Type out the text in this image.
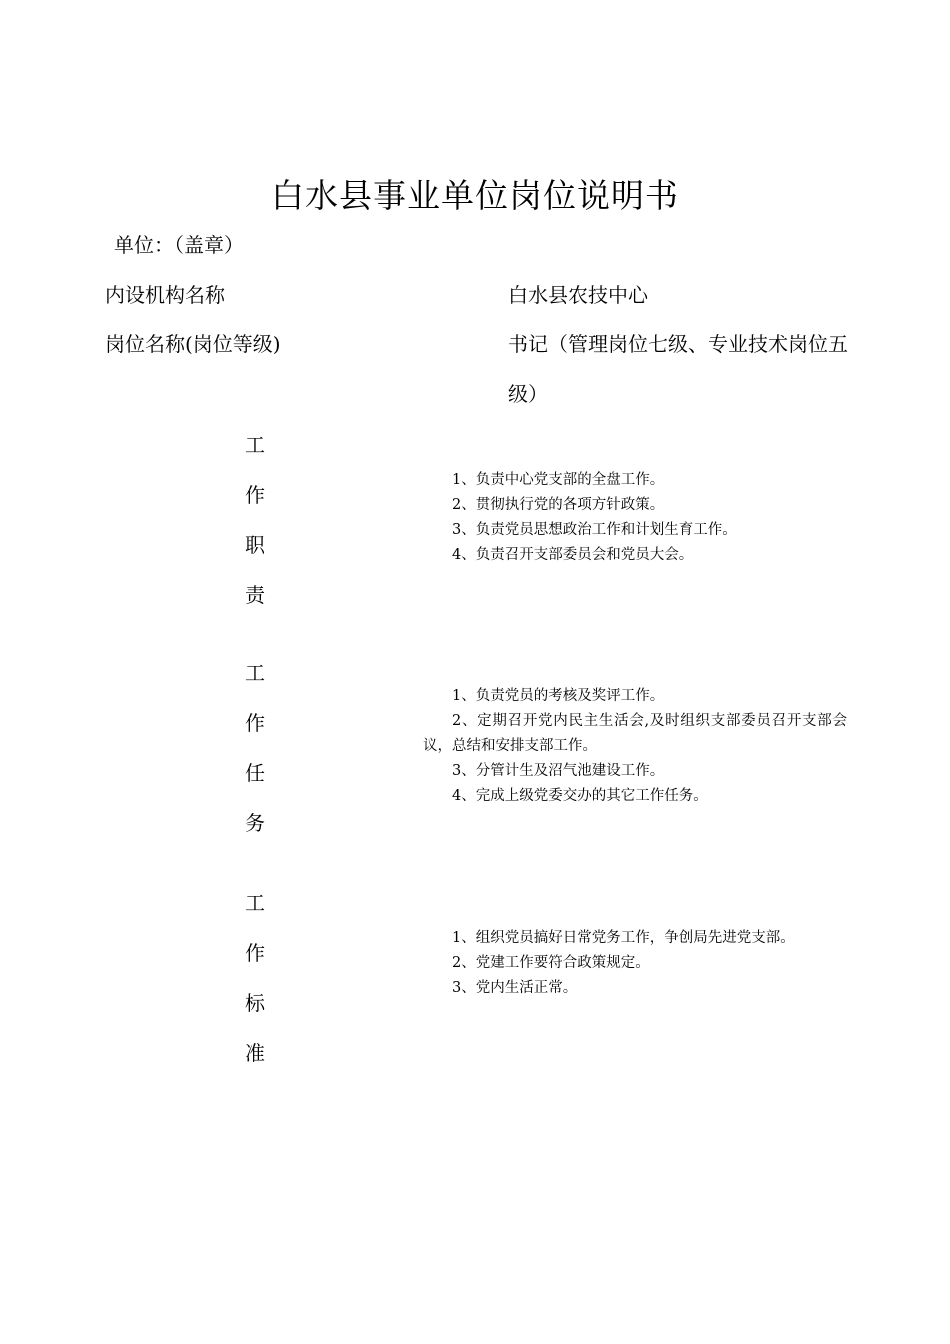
白水县事业单位岗位说明书
单位：（盖章）
内设机构名称	白水县农技中心
岗位名称(岗位等级)	书记（管理岗位七级、专业技术岗位五级）
工
作
职
责
1、负责中心党支部的全盘工作。
2、贯彻执行党的各项方针政策。
3、负责党员思想政治工作和计划生育工作。
4、负责召开支部委员会和党员大会。
工
作
任
务
1、负责党员的考核及奖评工作。
2、定期召开党内民主生活会,及时组织支部委员召开支部会议，总结和安排支部工作。
3、分管计生及沼气池建设工作。
4、完成上级党委交办的其它工作任务。
工
作
标
准
1、组织党员搞好日常党务工作，争创局先进党支部。
2、党建工作要符合政策规定。
3、党内生活正常。
